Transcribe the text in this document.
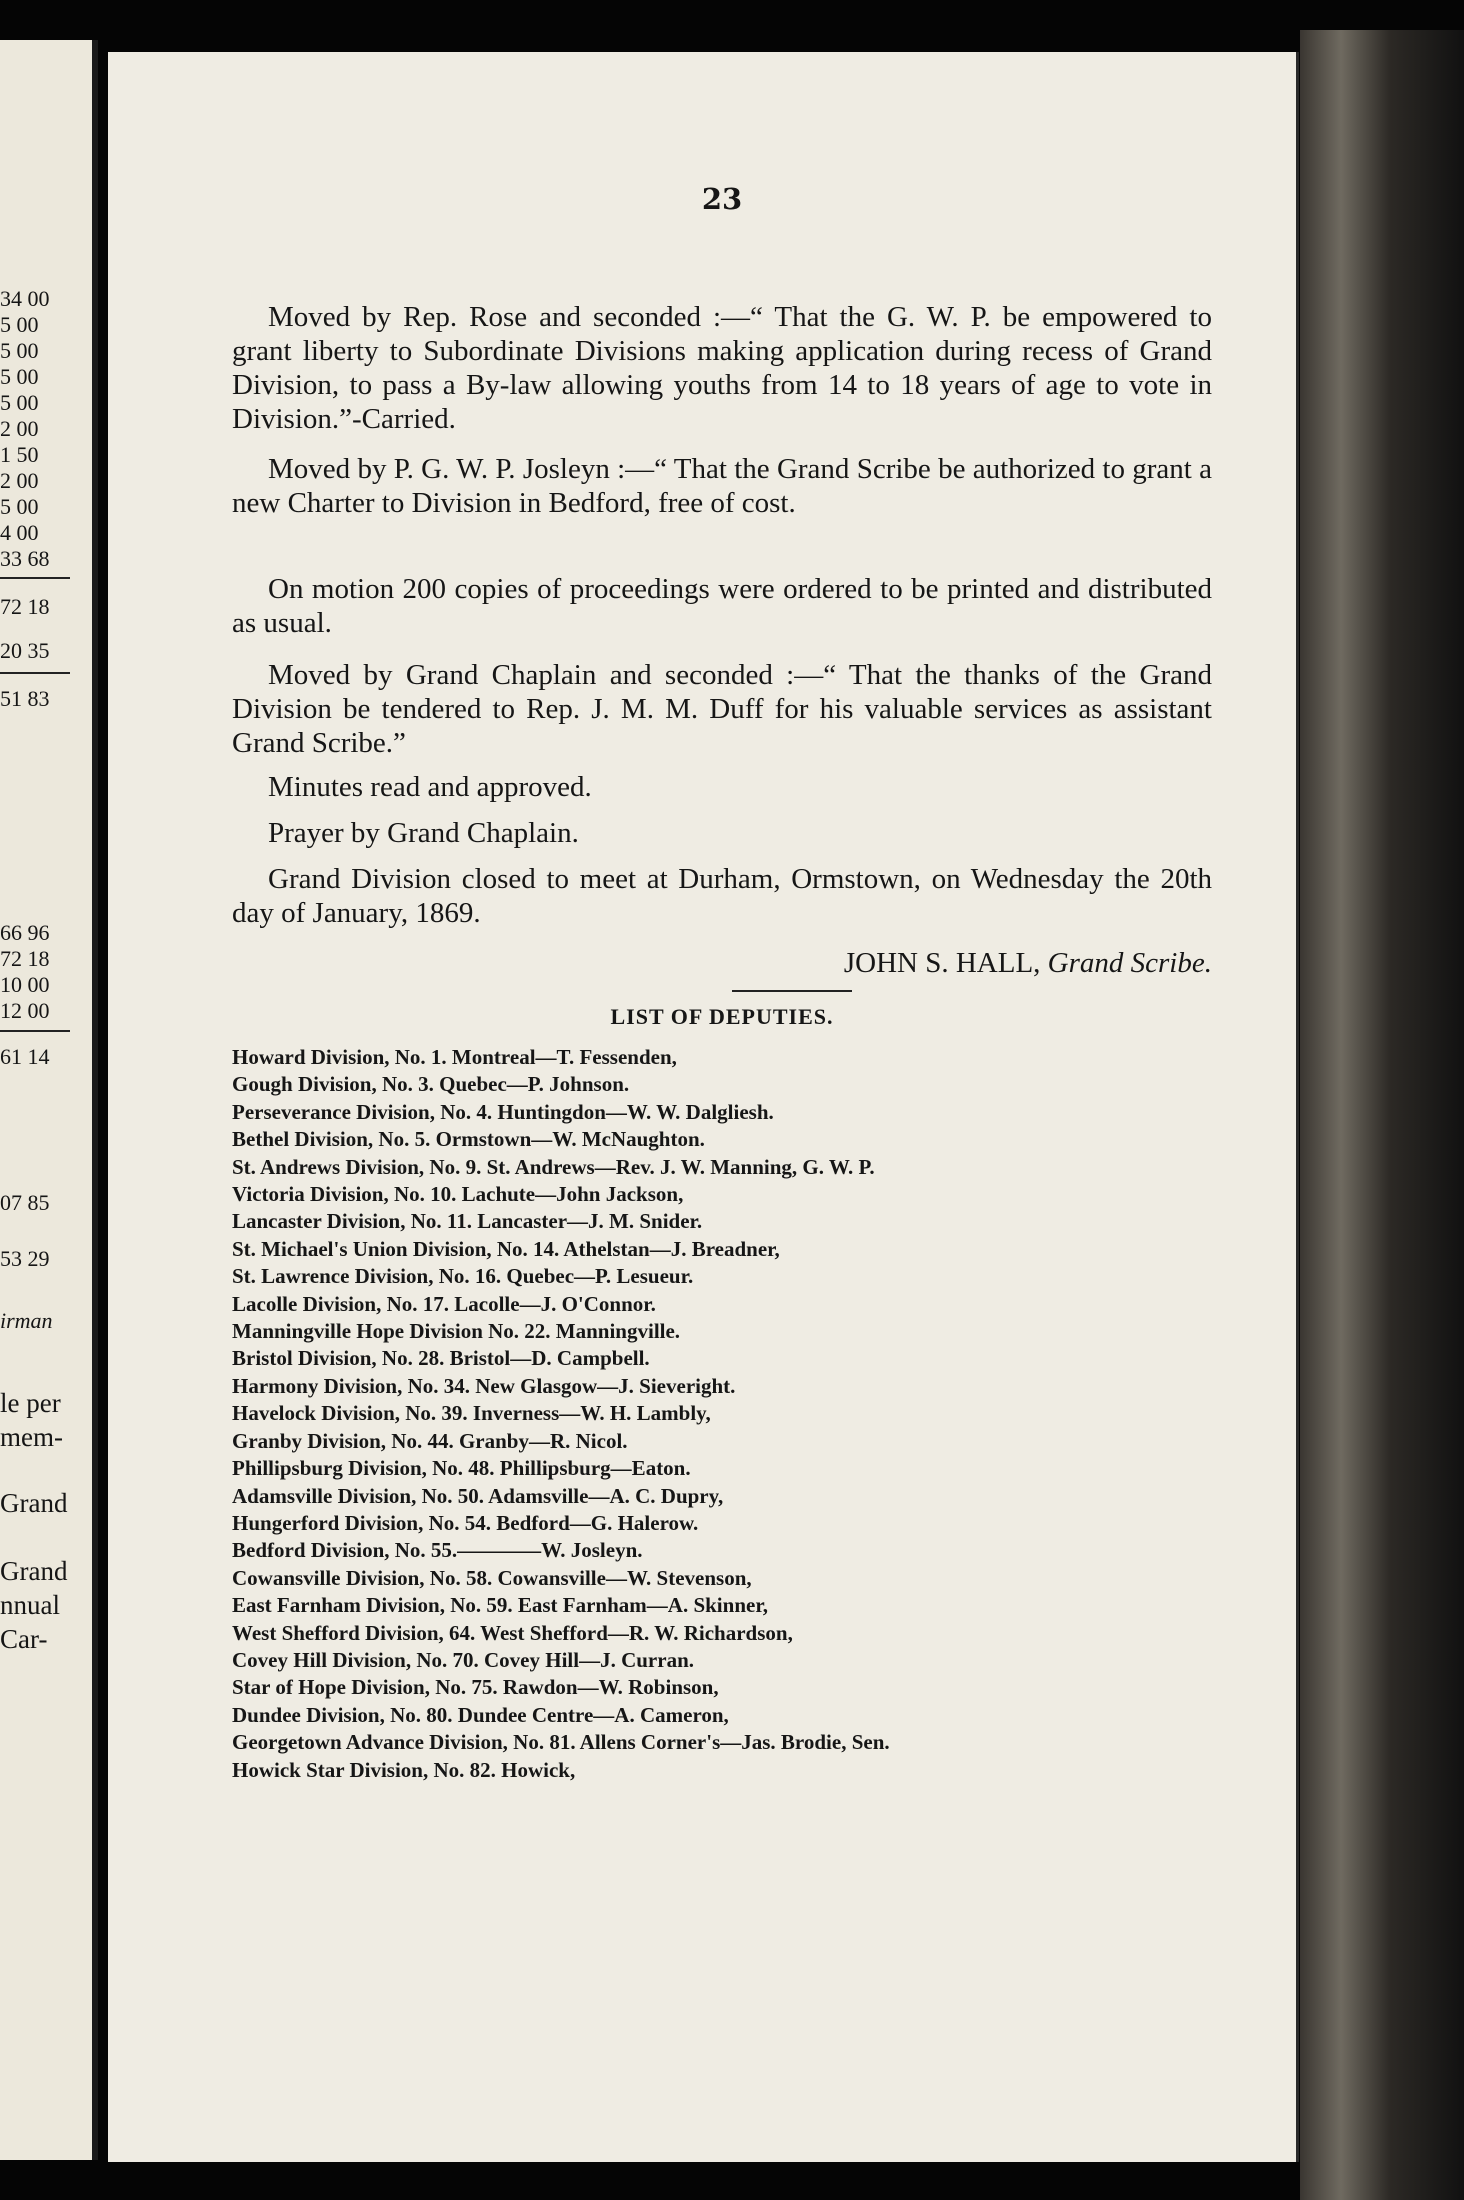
34 00
5 00
5 00
5 00
5 00
2 00
1 50
2 00
5 00
4 00
33 68
72 18
20 35
51 83
66 96
72 18
10 00
12 00
61 14
07 85
53 29
irman
le per
mem-
Grand
Grand
nnual
Car-
23
Moved by Rep. Rose and seconded :—“ That the G. W. P. be empowered to grant liberty to Subordinate Divisions making application during recess of Grand Division, to pass a By-law allowing youths from 14 to 18 years of age to vote in Division.”-Carried.
Moved by P. G. W. P. Josleyn :—“ That the Grand Scribe be authorized to grant a new Charter to Division in Bedford, free of cost.
On motion 200 copies of proceedings were ordered to be printed and distributed as usual.
Moved by Grand Chaplain and seconded :—“ That the thanks of the Grand Division be tendered to Rep. J. M. M. Duff for his valuable services as assistant Grand Scribe.”
Minutes read and approved.
Prayer by Grand Chaplain.
Grand Division closed to meet at Durham, Ormstown, on Wednesday the 20th day of January, 1869.
JOHN S. HALL, Grand Scribe.
LIST OF DEPUTIES.
Howard Division, No. 1. Montreal—T. Fessenden,
Gough Division, No. 3. Quebec—P. Johnson.
Perseverance Division, No. 4. Huntingdon—W. W. Dalgliesh.
Bethel Division, No. 5. Ormstown—W. McNaughton.
St. Andrews Division, No. 9. St. Andrews—Rev. J. W. Manning, G. W. P.
Victoria Division, No. 10. Lachute—John Jackson,
Lancaster Division, No. 11. Lancaster—J. M. Snider.
St. Michael's Union Division, No. 14. Athelstan—J. Breadner,
St. Lawrence Division, No. 16. Quebec—P. Lesueur.
Lacolle Division, No. 17. Lacolle—J. O'Connor.
Manningville Hope Division No. 22. Manningville.
Bristol Division, No. 28. Bristol—D. Campbell.
Harmony Division, No. 34. New Glasgow—J. Sieveright.
Havelock Division, No. 39. Inverness—W. H. Lambly,
Granby Division, No. 44. Granby—R. Nicol.
Phillipsburg Division, No. 48. Phillipsburg—Eaton.
Adamsville Division, No. 50. Adamsville—A. C. Dupry,
Hungerford Division, No. 54. Bedford—G. Halerow.
Bedford Division, No. 55.————W. Josleyn.
Cowansville Division, No. 58. Cowansville—W. Stevenson,
East Farnham Division, No. 59. East Farnham—A. Skinner,
West Shefford Division, 64. West Shefford—R. W. Richardson,
Covey Hill Division, No. 70. Covey Hill—J. Curran.
Star of Hope Division, No. 75. Rawdon—W. Robinson,
Dundee Division, No. 80. Dundee Centre—A. Cameron,
Georgetown Advance Division, No. 81. Allens Corner's—Jas. Brodie, Sen.
Howick Star Division, No. 82. Howick,
